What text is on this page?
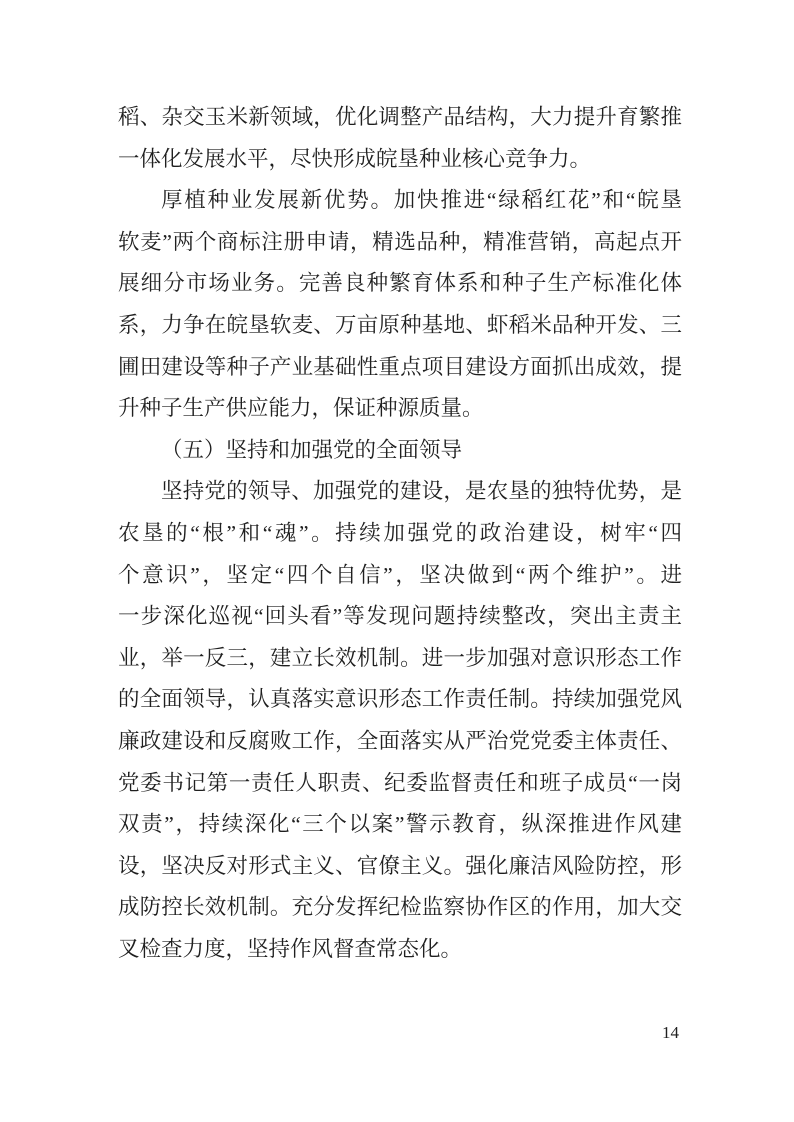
稻、杂交玉米新领域，优化调整产品结构，大力提升育繁推
一体化发展水平，尽快形成皖垦种业核心竞争力。
厚植种业发展新优势。加快推进“绿稻红花”和“皖垦
软麦”两个商标注册申请，精选品种，精准营销，高起点开
展细分市场业务。完善良种繁育体系和种子生产标准化体
系，力争在皖垦软麦、万亩原种基地、虾稻米品种开发、三
圃田建设等种子产业基础性重点项目建设方面抓出成效，提
升种子生产供应能力，保证种源质量。
（五）坚持和加强党的全面领导
坚持党的领导、加强党的建设，是农垦的独特优势，是
农垦的“根”和“魂”。持续加强党的政治建设，树牢“四
个意识”，坚定“四个自信”，坚决做到“两个维护”。进
一步深化巡视“回头看”等发现问题持续整改，突出主责主
业，举一反三，建立长效机制。进一步加强对意识形态工作
的全面领导，认真落实意识形态工作责任制。持续加强党风
廉政建设和反腐败工作，全面落实从严治党党委主体责任、
党委书记第一责任人职责、纪委监督责任和班子成员“一岗
双责”，持续深化“三个以案”警示教育，纵深推进作风建
设，坚决反对形式主义、官僚主义。强化廉洁风险防控，形
成防控长效机制。充分发挥纪检监察协作区的作用，加大交
叉检查力度，坚持作风督查常态化。
14
